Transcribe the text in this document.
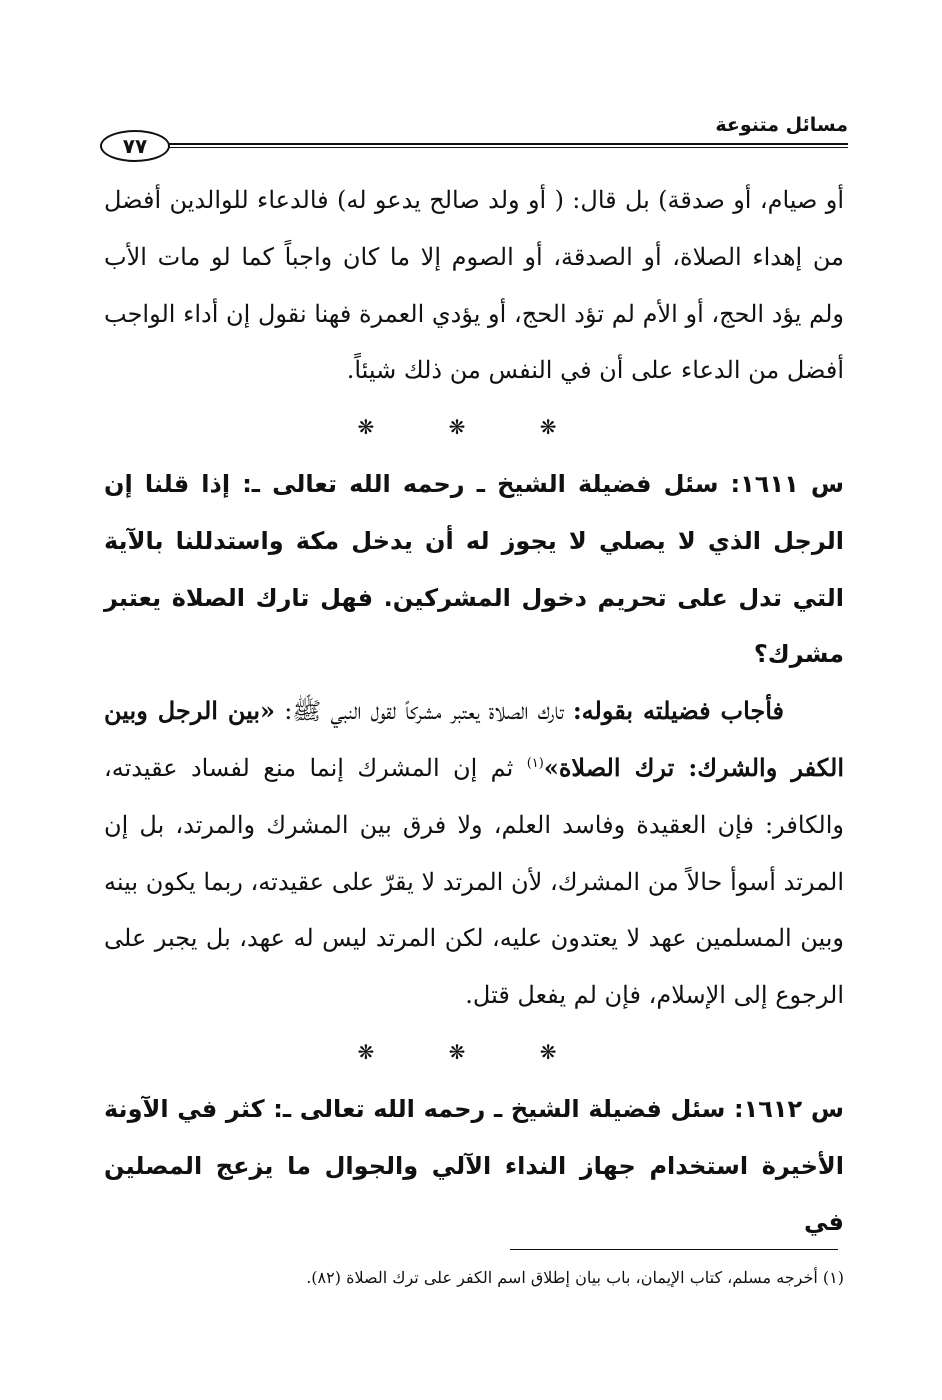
مسائل متنوعة
٧٧

أو صيام، أو صدقة) بل قال: ( أو ولد صالح يدعو له) فالدعاء للوالدين أفضل من إهداء الصلاة، أو الصدقة، أو الصوم إلا ما كان واجباً كما لو مات الأب ولم يؤد الحج، أو الأم لم تؤد الحج، أو يؤدي العمرة فهنا نقول إن أداء الواجب أفضل من الدعاء على أن في النفس من ذلك شيئاً.

❋ ❋ ❋

س ١٦١١: سئل فضيلة الشيخ ـ رحمه الله تعالى ـ: إذا قلنا إن الرجل الذي لا يصلي لا يجوز له أن يدخل مكة واستدللنا بالآية التي تدل على تحريم دخول المشركين. فهل تارك الصلاة يعتبر مشرك؟

فأجاب فضيلته بقوله: تارك الصلاة يعتبر مشركاً لقول النبي ﷺ: «بين الرجل وبين الكفر والشرك: ترك الصلاة»$^{(١)}$ ثم إن المشرك إنما منع لفساد عقيدته، والكافر: فإن العقيدة وفاسد العلم، ولا فرق بين المشرك والمرتد، بل إن المرتد أسوأ حالاً من المشرك، لأن المرتد لا يقرّ على عقيدته، ربما يكون بينه وبين المسلمين عهد لا يعتدون عليه، لكن المرتد ليس له عهد، بل يجبر على الرجوع إلى الإسلام، فإن لم يفعل قتل.

❋ ❋ ❋

س ١٦١٢: سئل فضيلة الشيخ ـ رحمه الله تعالى ـ: كثر في الآونة الأخيرة استخدام جهاز النداء الآلي والجوال ما يزعج المصلين في

(١) أخرجه مسلم، كتاب الإيمان، باب بيان إطلاق اسم الكفر على ترك الصلاة (٨٢).
